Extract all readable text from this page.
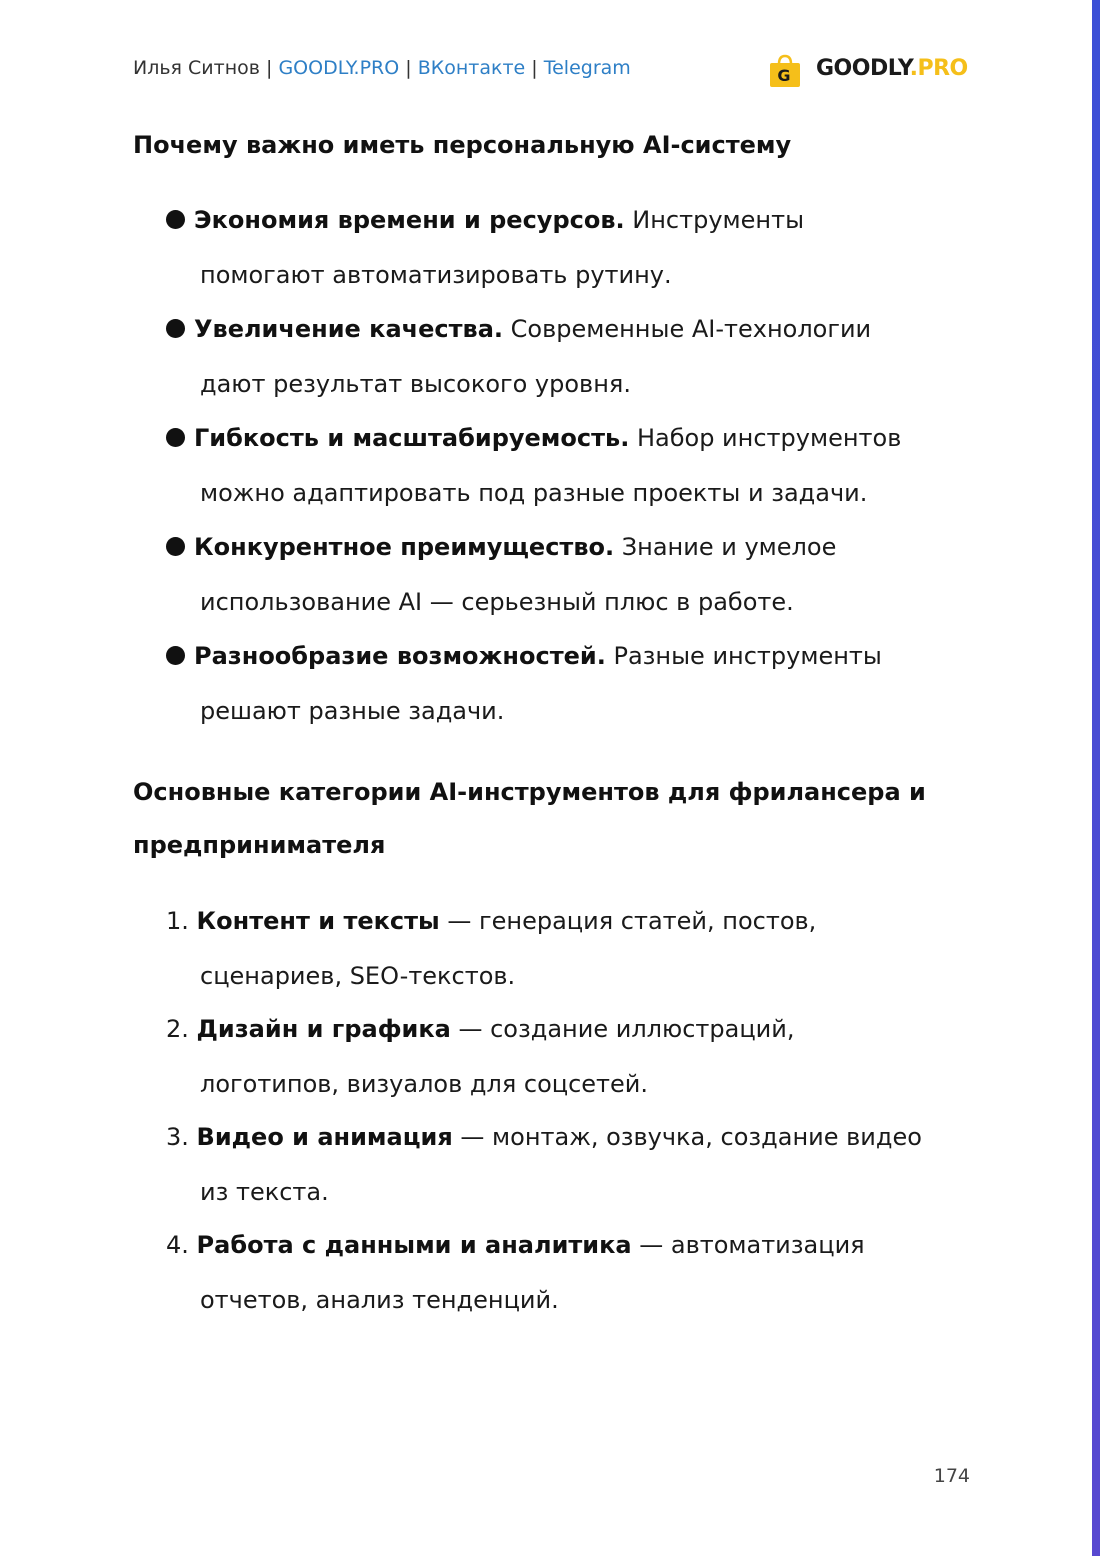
Илья Ситнов | GOODLY.PRO | ВКонтакте | Telegram	G GOODLY.PRO
Почему важно иметь персональную AI-систему
Экономия времени и ресурсов. Инструменты
помогают автоматизировать рутину.
Увеличение качества. Современные AI-технологии
дают результат высокого уровня.
Гибкость и масштабируемость. Набор инструментов
можно адаптировать под разные проекты и задачи.
Конкурентное преимущество. Знание и умелое
использование AI — серьезный плюс в работе.
Разнообразие возможностей. Разные инструменты
решают разные задачи.
Основные категории AI-инструментов для фрилансера и
предпринимателя
1. Контент и тексты — генерация статей, постов,
сценариев, SEO-текстов.
2. Дизайн и графика — создание иллюстраций,
логотипов, визуалов для соцсетей.
3. Видео и анимация — монтаж, озвучка, создание видео
из текста.
4. Работа с данными и аналитика — автоматизация
отчетов, анализ тенденций.
174
